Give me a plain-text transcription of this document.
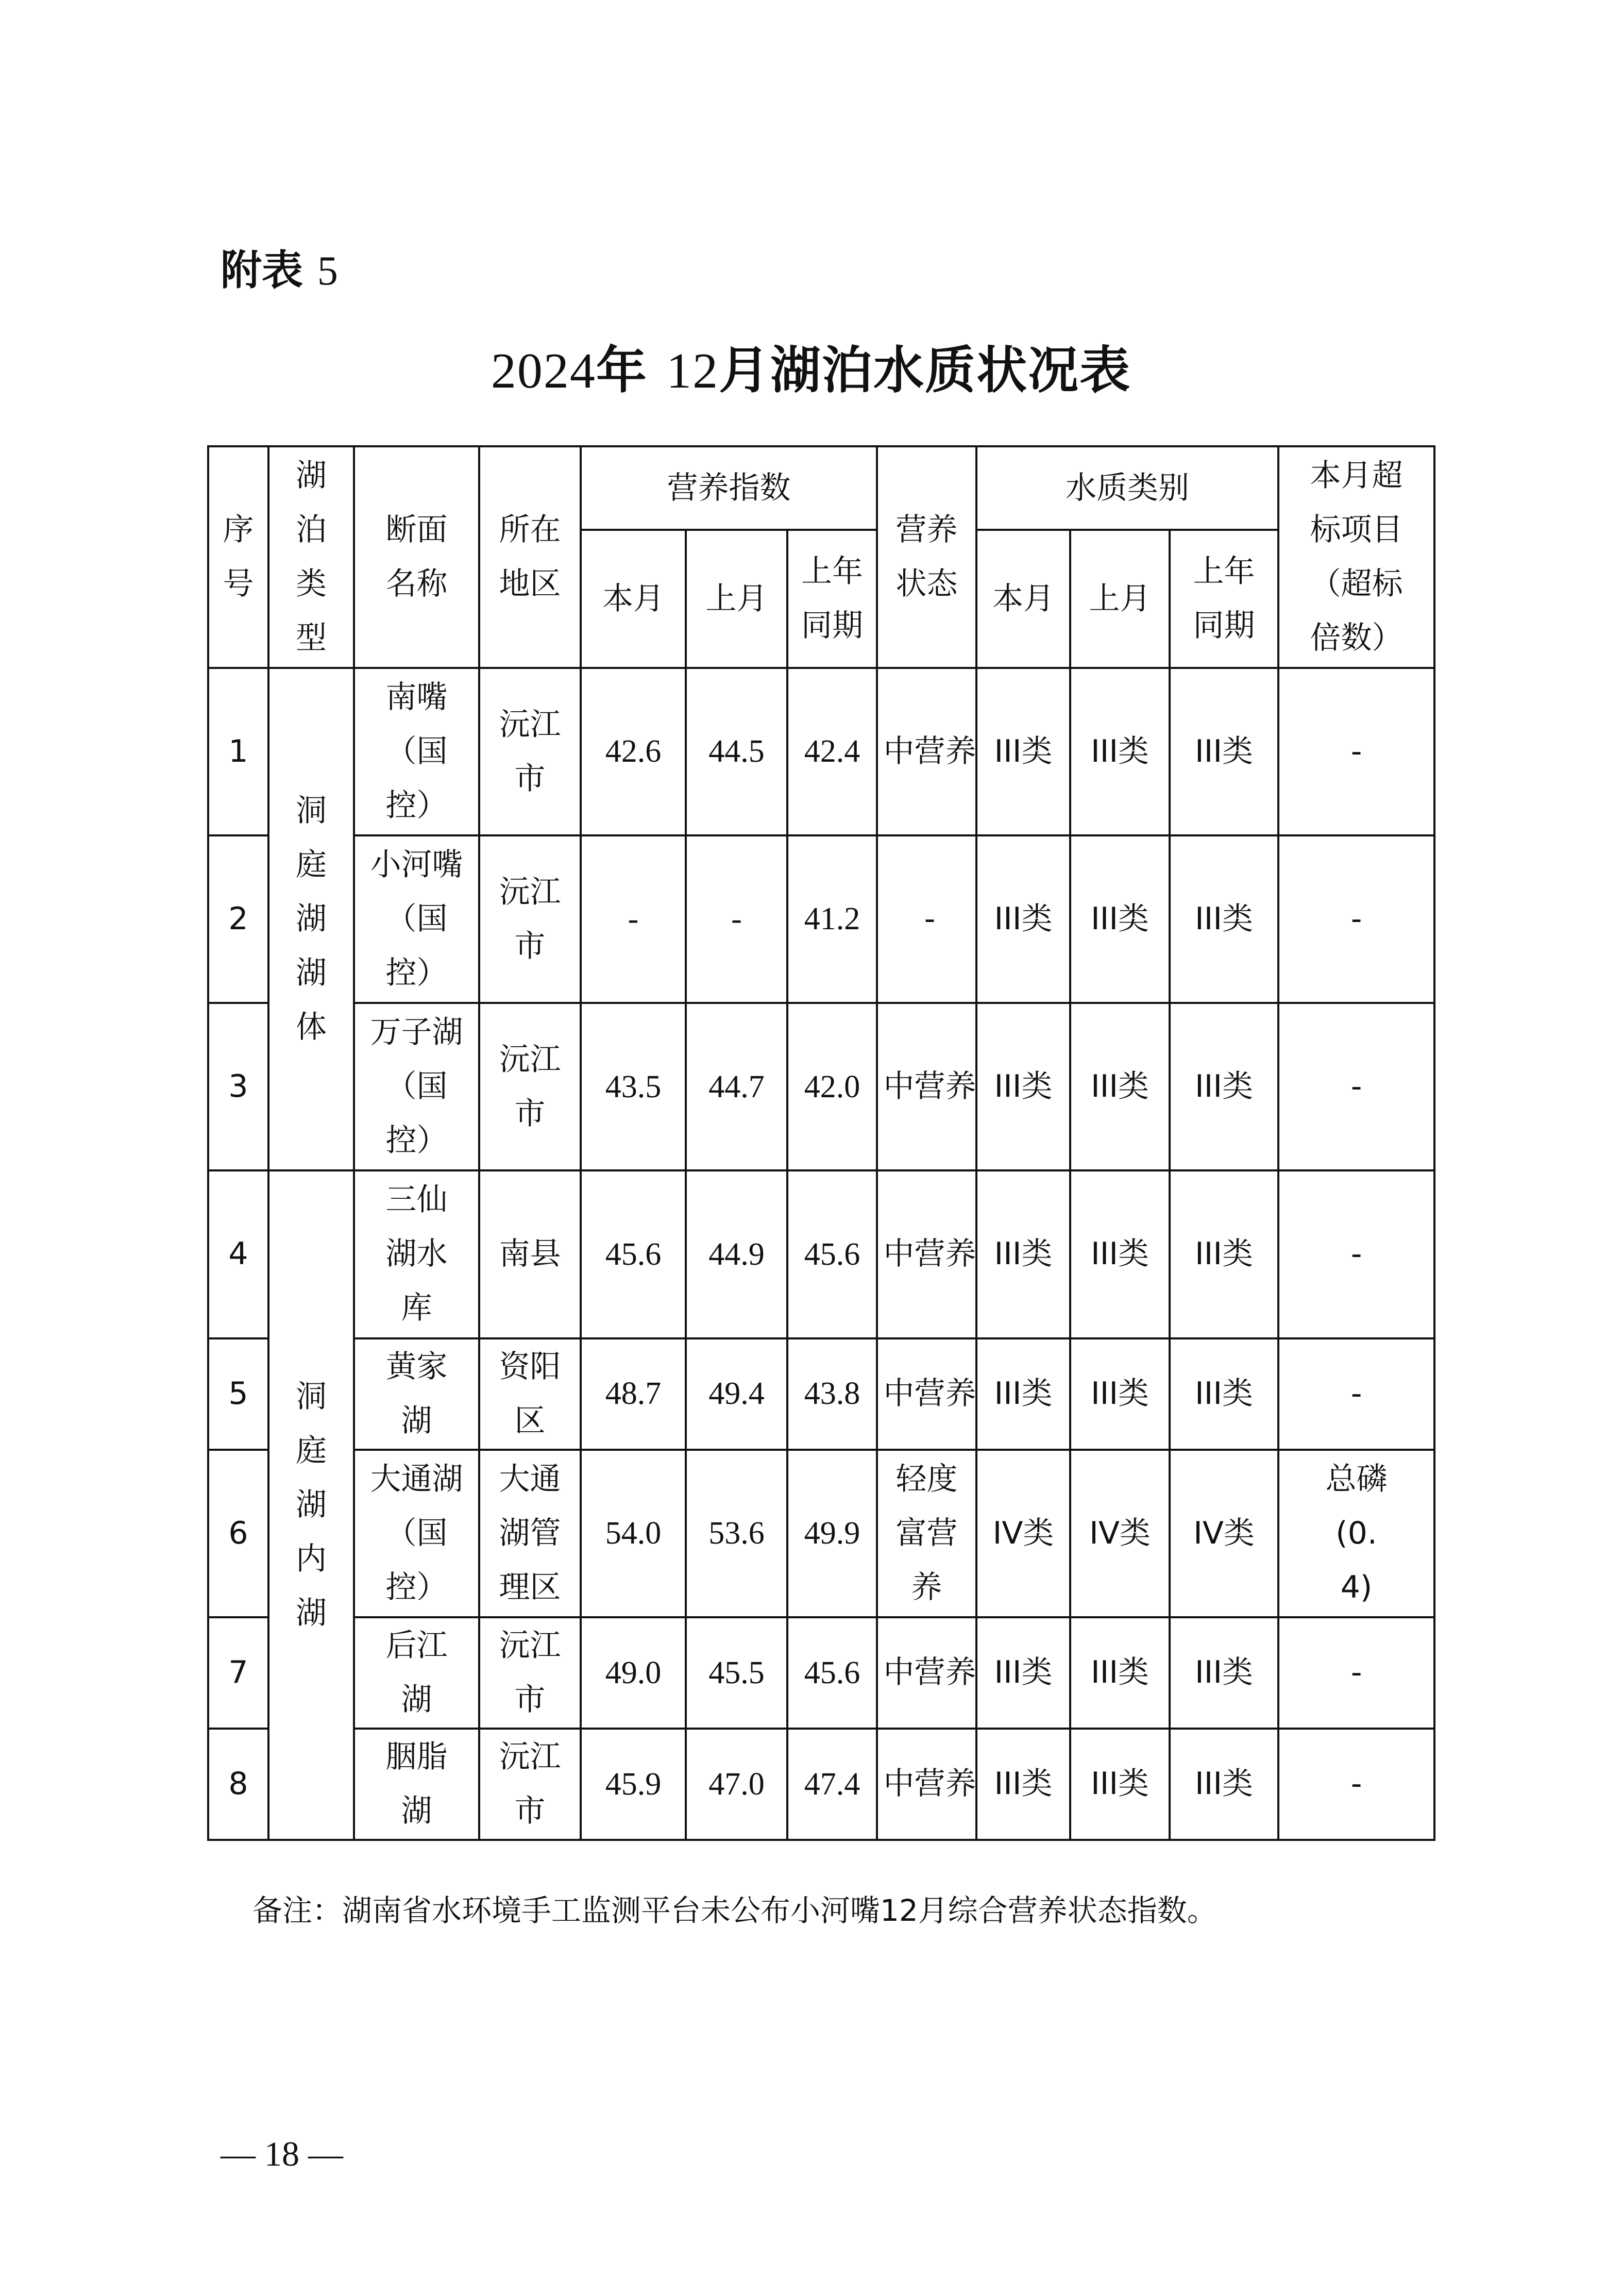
附表 5
2024年 12月湖泊水质状况表
序号	湖泊类型	断面名称	所在地区	营养指数			营养状态	水质类别			本月超标项目（超标倍数）
				本月	上月	上年同期		本月	上月	上年同期	
1	洞庭湖湖体	南嘴（国控）	沅江市	42.6	44.5	42.4	中营养	III类	III类	III类	-
2		小河嘴（国控）	沅江市	-	-	41.2	-	III类	III类	III类	-
3		万子湖（国控）	沅江市	43.5	44.7	42.0	中营养	III类	III类	III类	-
4	洞庭湖内湖	三仙湖水库	南县	45.6	44.9	45.6	中营养	III类	III类	III类	-
5		黄家湖	资阳区	48.7	49.4	43.8	中营养	III类	III类	III类	-
6		大通湖（国控）	大通湖管理区	54.0	53.6	49.9	轻度富营养	IV类	IV类	IV类	总磷(0.4)
7		后江湖	沅江市	49.0	45.5	45.6	中营养	III类	III类	III类	-
8		胭脂湖	沅江市	45.9	47.0	47.4	中营养	III类	III类	III类	-
备注：湖南省水环境手工监测平台未公布小河嘴12月综合营养状态指数。
— 18 —
